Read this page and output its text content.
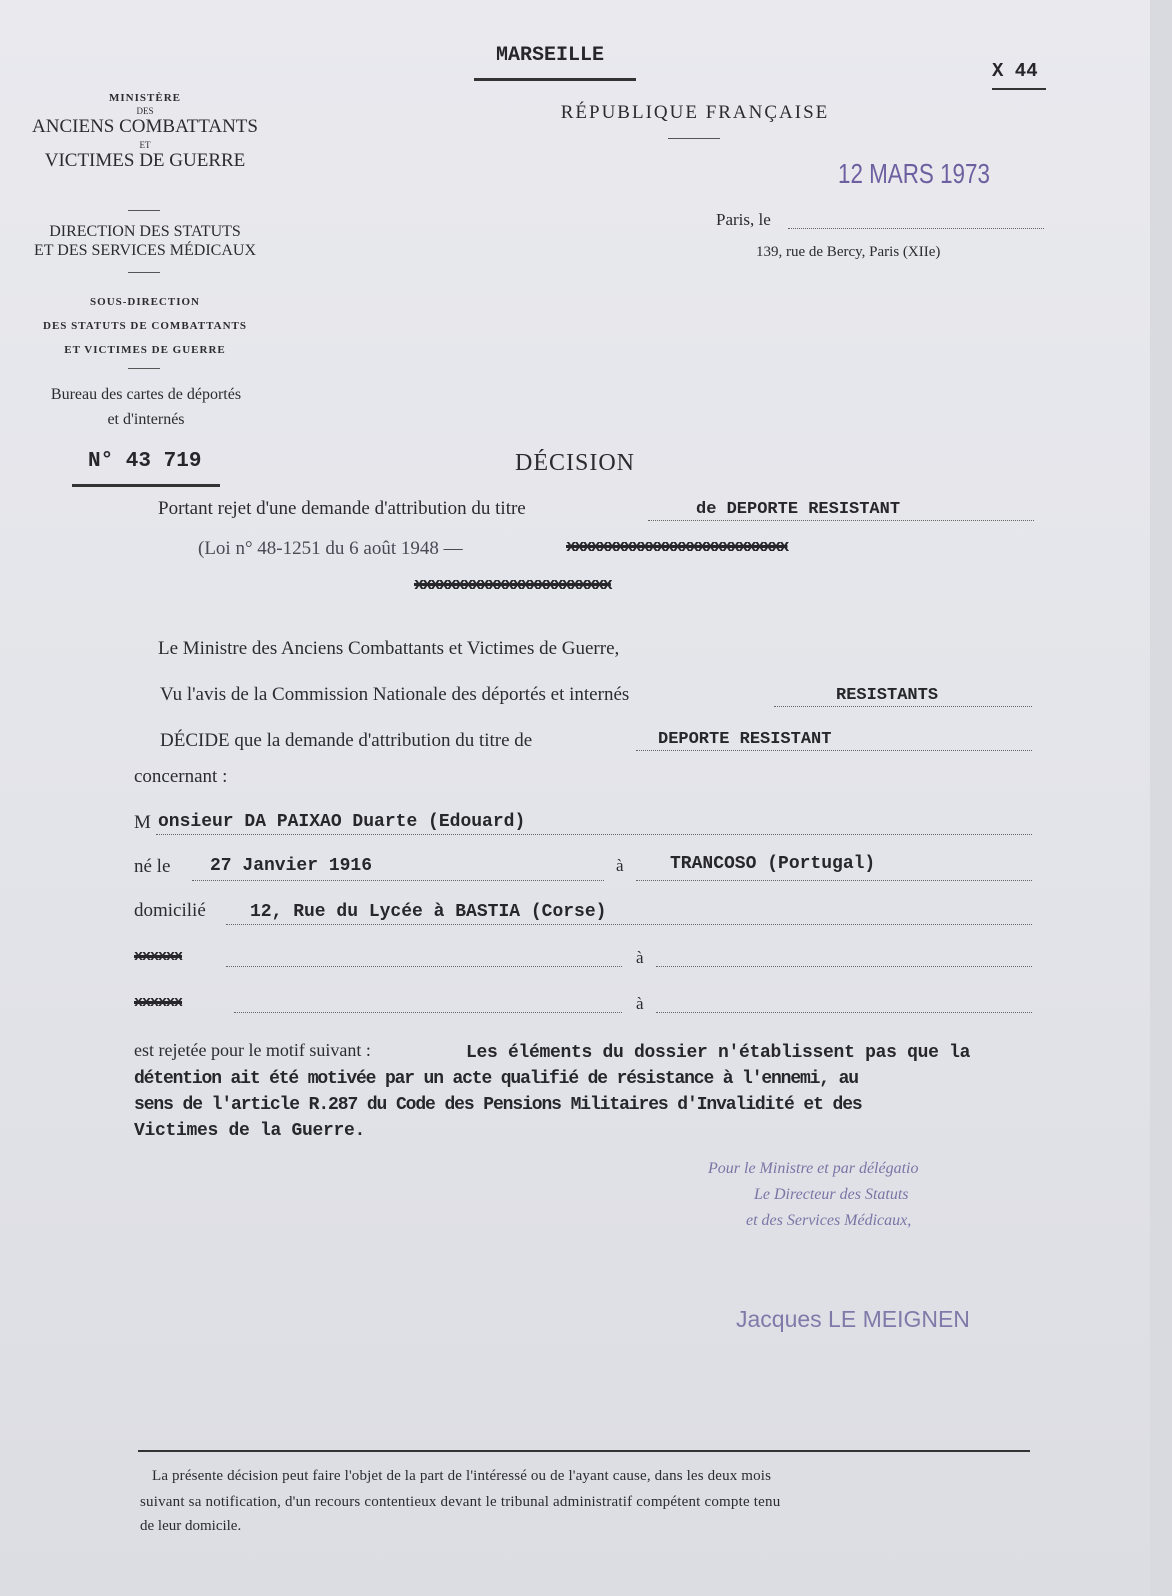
MARSEILLE
RÉPUBLIQUE FRANÇAISE
X 44
12 MARS 1973
Paris, le
139, rue de Bercy, Paris (XIIe)
MINISTÈRE
DES
ANCIENS COMBATTANTS
ET
VICTIMES DE GUERRE
DIRECTION DES STATUTS
ET DES SERVICES MÉDICAUX
SOUS-DIRECTION
DES STATUTS DE COMBATTANTS
ET VICTIMES DE GUERRE
Bureau des cartes de déportés
et d'internés
N° 43 719	DÉCISION
Portant rejet d'une demande d'attribution du titre	de DEPORTE RESISTANT
(Loi n° 48-1251 du 6 août 1948 —	xxxxxxxxxxxxxxxxxxxxxxxxxxx
xxxxxxxxxxxxxxxxxxxxxxxx
Le Ministre des Anciens Combattants et Victimes de Guerre,
Vu l'avis de la Commission Nationale des déportés et internés	RESISTANTS
DÉCIDE que la demande d'attribution du titre de	DEPORTE RESISTANT
concernant :
M onsieur DA PAIXAO Duarte (Edouard)
né le 27 Janvier 1916	à	TRANCOSO (Portugal)
domicilié 12, Rue du Lycée à BASTIA (Corse)
xxxxxx	à
xxxxxx	à
est rejetée pour le motif suivant :	Les éléments du dossier n'établissent pas que la
détention ait été motivée par un acte qualifié de résistance à l'ennemi, au
sens de l'article R.287 du Code des Pensions Militaires d'Invalidité et des
Victimes de la Guerre.
Pour le Ministre et par délégatio
Le Directeur des Statuts
et des Services Médicaux,
Jacques LE MEIGNEN
La présente décision peut faire l'objet de la part de l'intéressé ou de l'ayant cause, dans les deux mois
suivant sa notification, d'un recours contentieux devant le tribunal administratif compétent compte tenu
de leur domicile.
